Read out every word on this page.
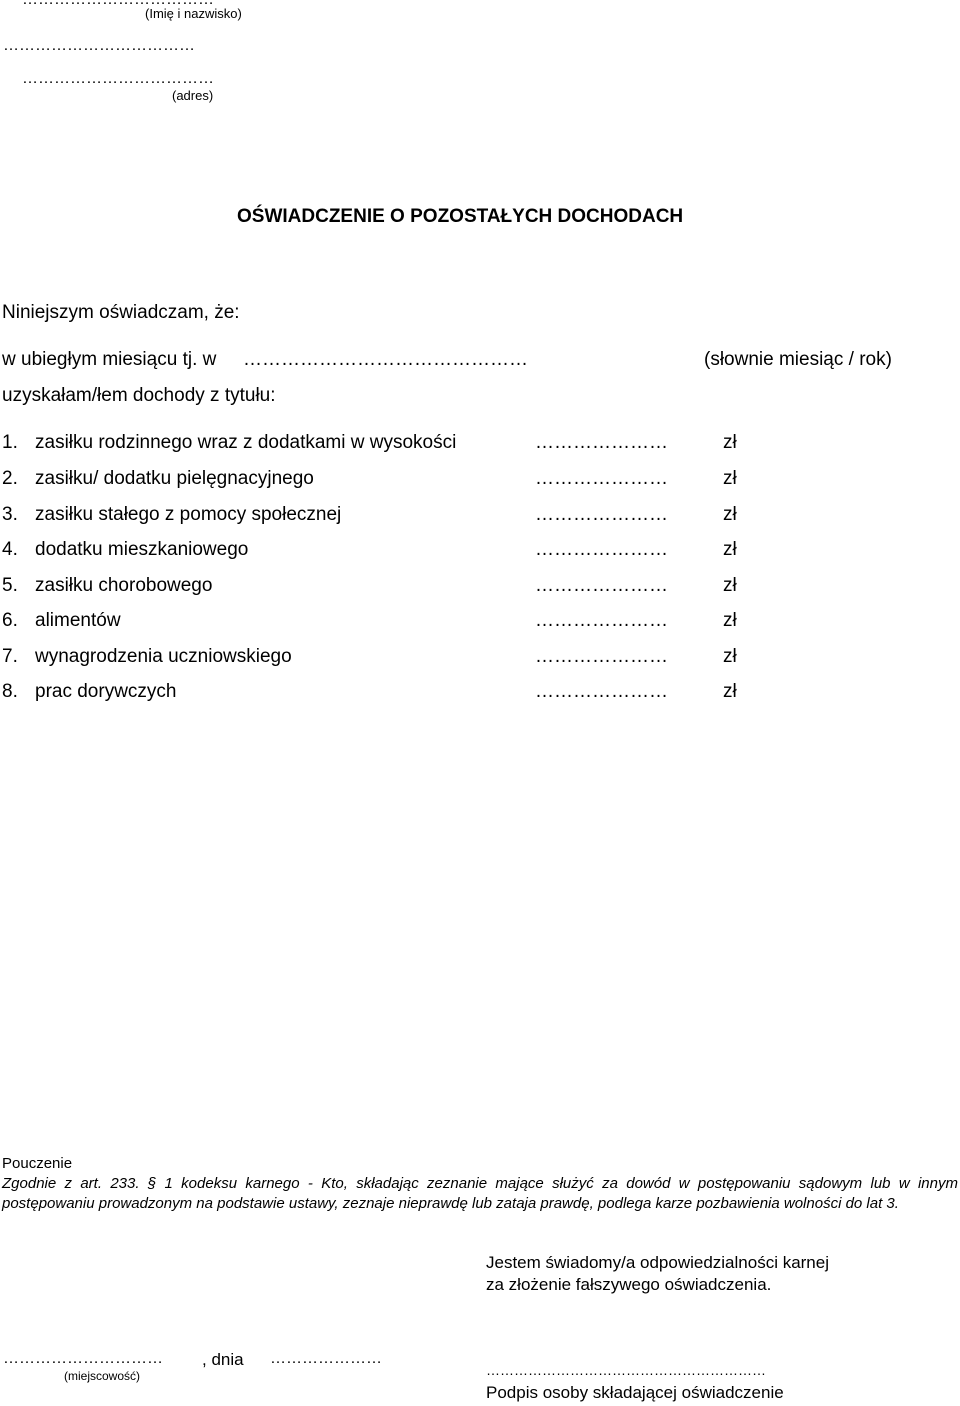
(Imię i nazwisko)
………………………………
………………………………
(adres)
OŚWIADCZENIE O POZOSTAŁYCH DOCHODACH
Niniejszym oświadczam, że:
w ubiegłym miesiącu tj. w ………………………………………	(słownie miesiąc / rok)
uzyskałam/łem dochody z tytułu:
1. zasiłku rodzinnego wraz z dodatkami w wysokości	…………………	zł
2. zasiłku/ dodatku pielęgnacyjnego	…………………	zł
3. zasiłku stałego z pomocy społecznej	…………………	zł
4. dodatku mieszkaniowego	…………………	zł
5. zasiłku chorobowego	…………………	zł
6. alimentów	…………………	zł
7. wynagrodzenia uczniowskiego	…………………	zł
8. prac dorywczych	…………………	zł
Pouczenie
Zgodnie z art. 233. § 1 kodeksu karnego - Kto, składając zeznanie mające służyć za dowód w postępowaniu sądowym lub w innym postępowaniu prowadzonym na podstawie ustawy, zeznaje nieprawdę lub zataja prawdę, podlega karze pozbawienia wolności do lat 3.
Jestem świadomy/a odpowiedzialności karnej
za złożenie fałszywego oświadczenia.
………………………… , dnia …………………
(miejscowość)	……………………………………………………
Podpis osoby składającej oświadczenie
